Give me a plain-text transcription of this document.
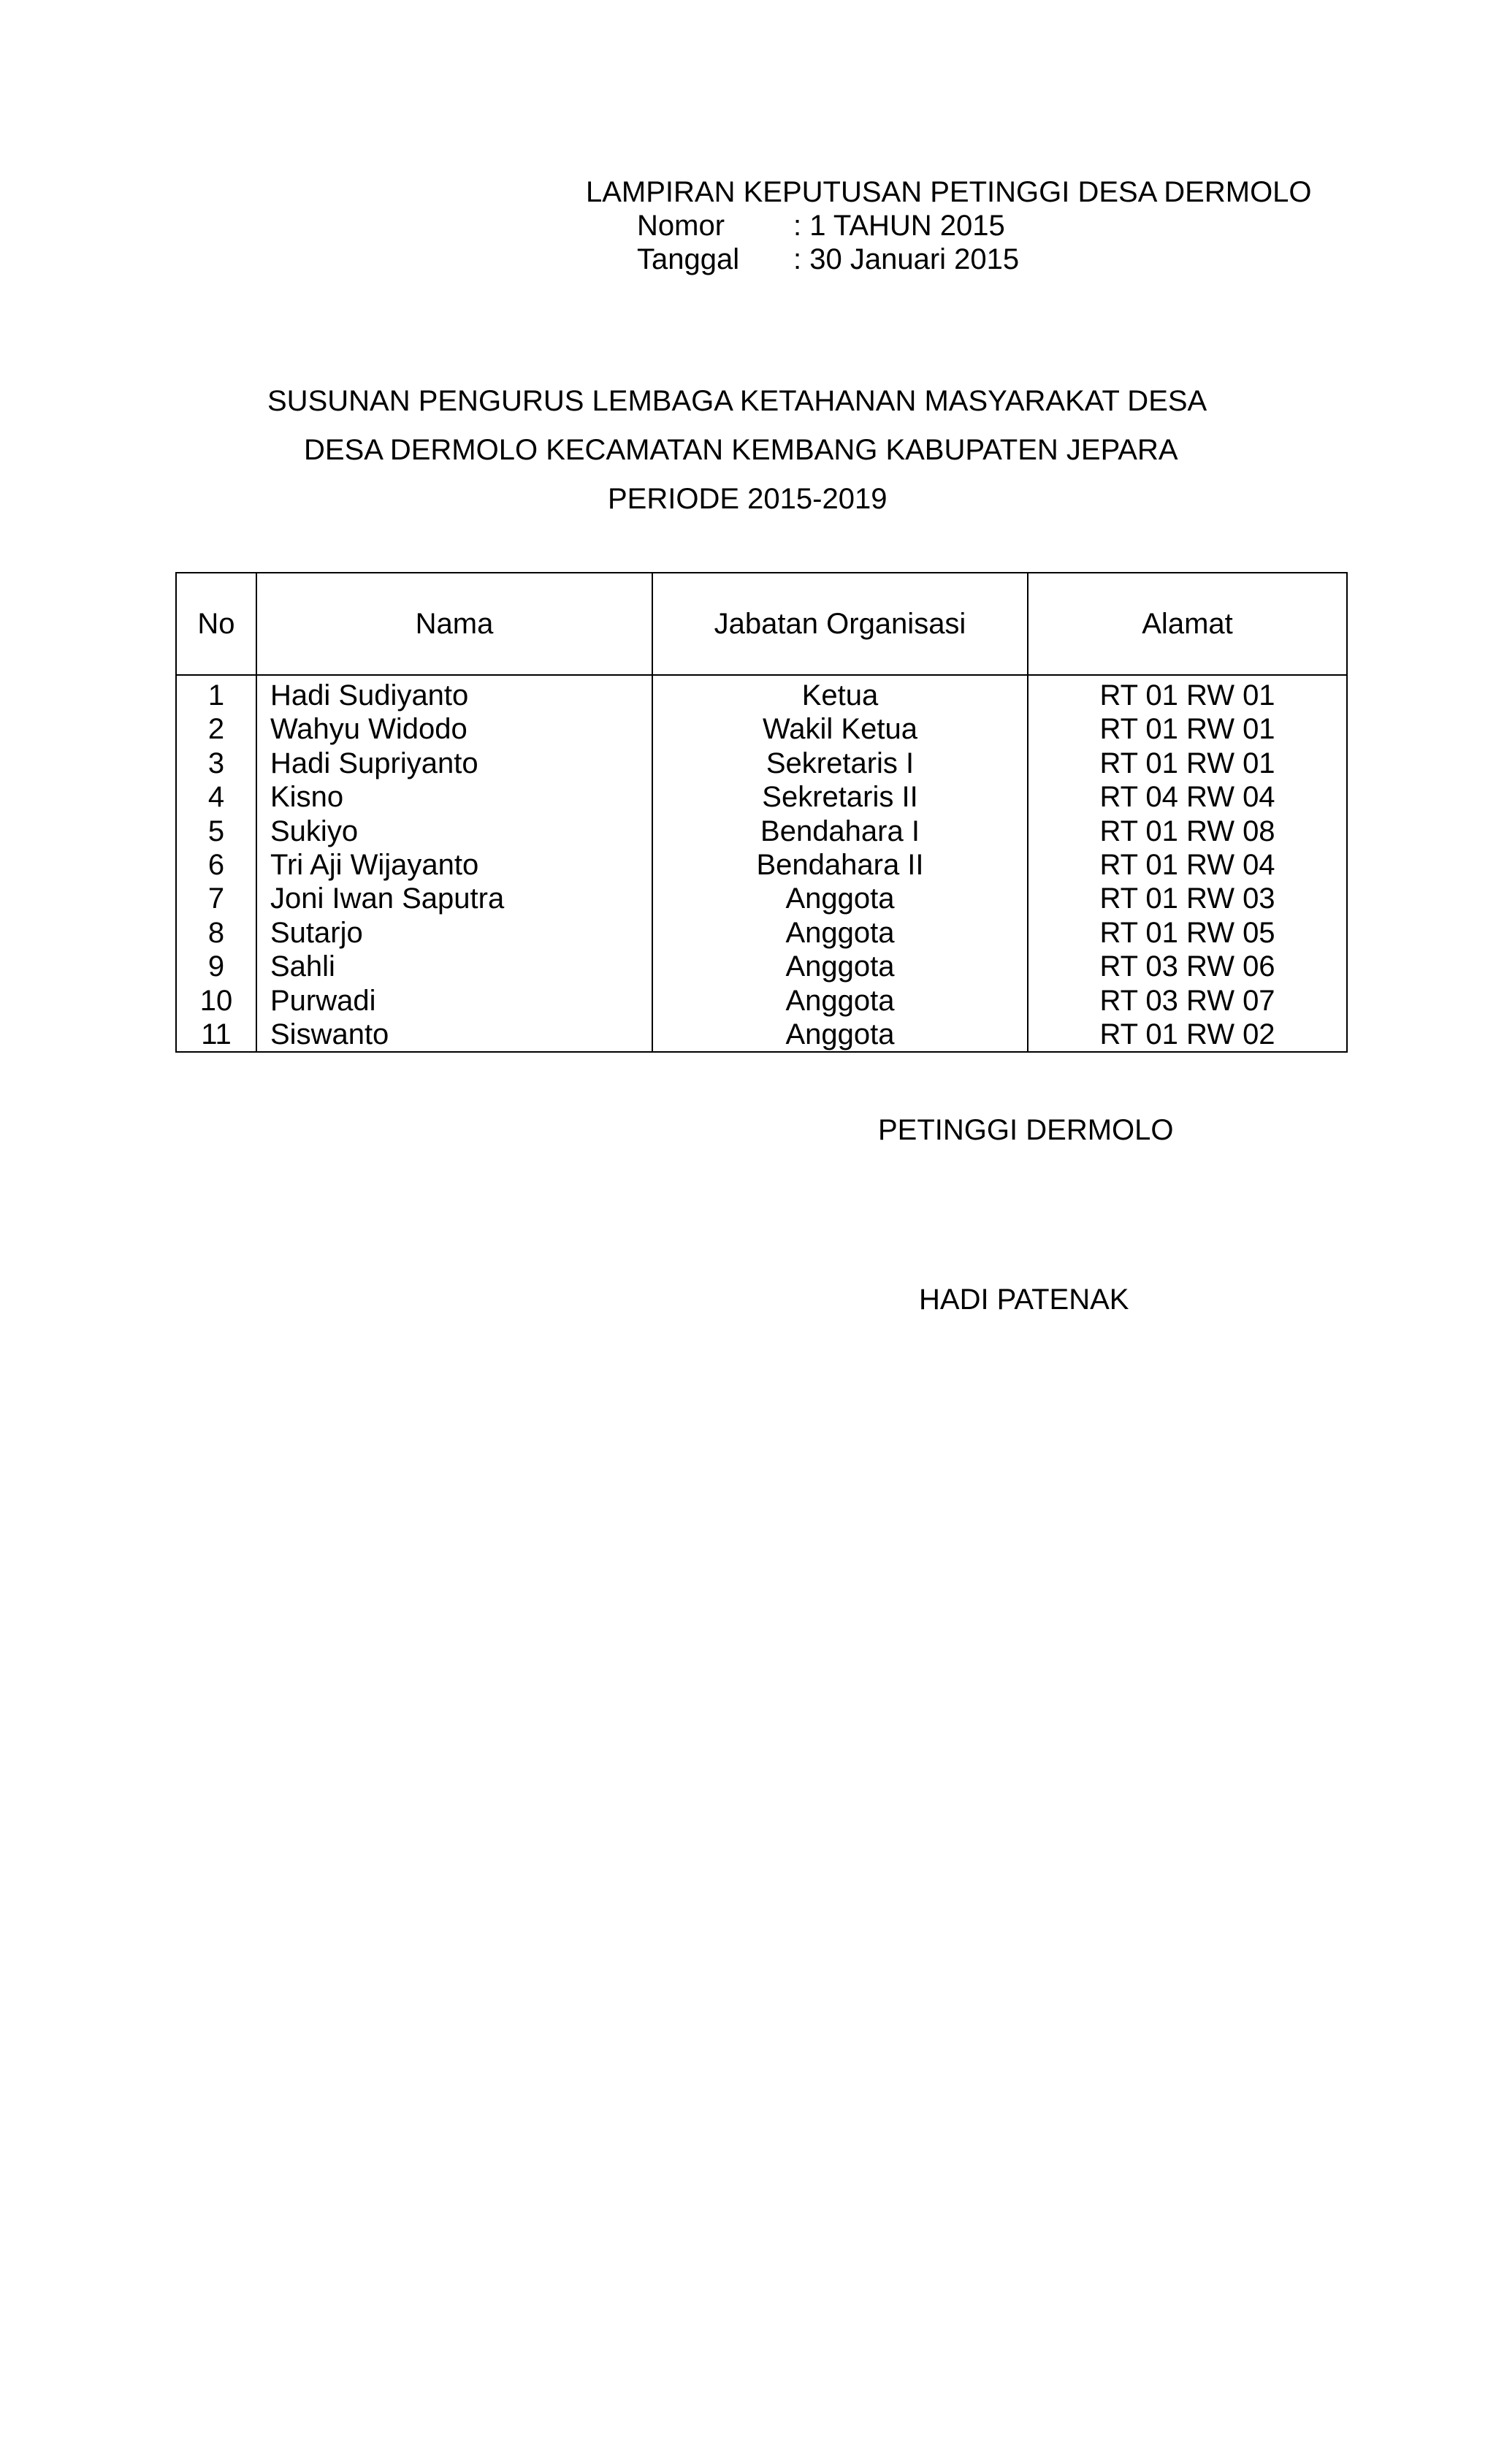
LAMPIRAN KEPUTUSAN PETINGGI DESA DERMOLO
Nomor	: 1 TAHUN 2015
Tanggal	: 30 Januari 2015
SUSUNAN PENGURUS LEMBAGA KETAHANAN MASYARAKAT DESA
DESA DERMOLO KECAMATAN KEMBANG KABUPATEN JEPARA
PERIODE 2015-2019
No	Nama	Jabatan Organisasi	Alamat
1	Hadi Sudiyanto	Ketua	RT 01 RW 01
2	Wahyu Widodo	Wakil Ketua	RT 01 RW 01
3	Hadi Supriyanto	Sekretaris I	RT 01 RW 01
4	Kisno	Sekretaris II	RT 04 RW 04
5	Sukiyo	Bendahara I	RT 01 RW 08
6	Tri Aji Wijayanto	Bendahara II	RT 01 RW 04
7	Joni Iwan Saputra	Anggota	RT 01 RW 03
8	Sutarjo	Anggota	RT 01 RW 05
9	Sahli	Anggota	RT 03 RW 06
10	Purwadi	Anggota	RT 03 RW 07
11	Siswanto	Anggota	RT 01 RW 02
PETINGGI DERMOLO
HADI PATENAK
